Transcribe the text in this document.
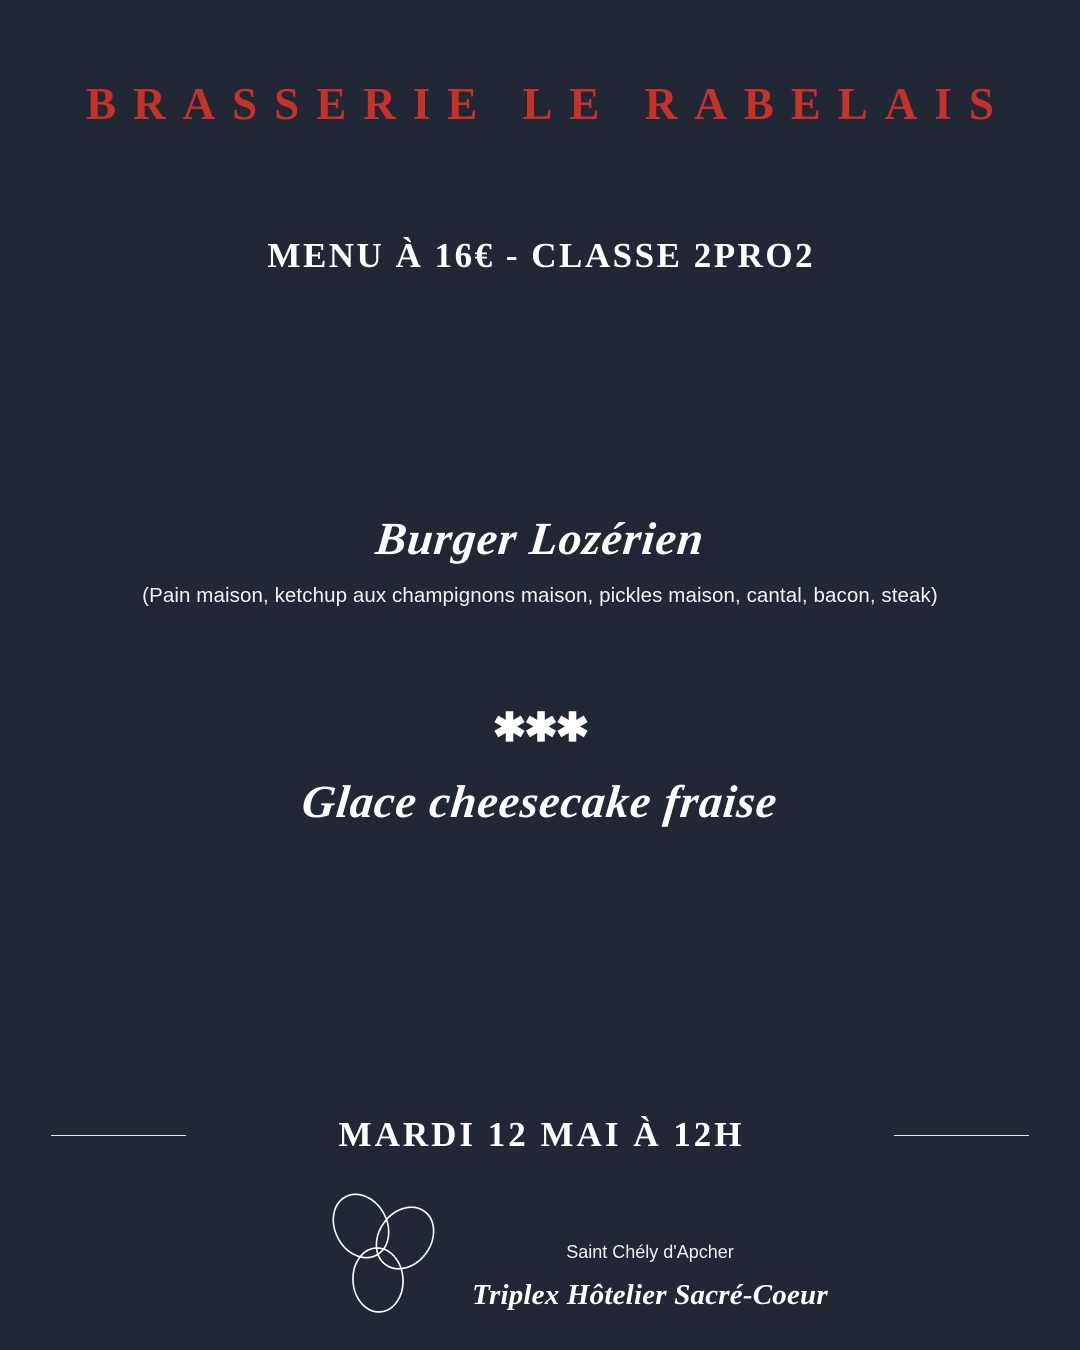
BRASSERIE LE RABELAIS
MENU À 16€ - CLASSE 2PRO2
Burger Lozérien
(Pain maison, ketchup aux champignons maison, pickles maison, cantal, bacon, steak)
✱✱✱
Glace cheesecake fraise
MARDI 12 MAI À 12H
Saint Chély d'Apcher
Triplex Hôtelier Sacré-Coeur
